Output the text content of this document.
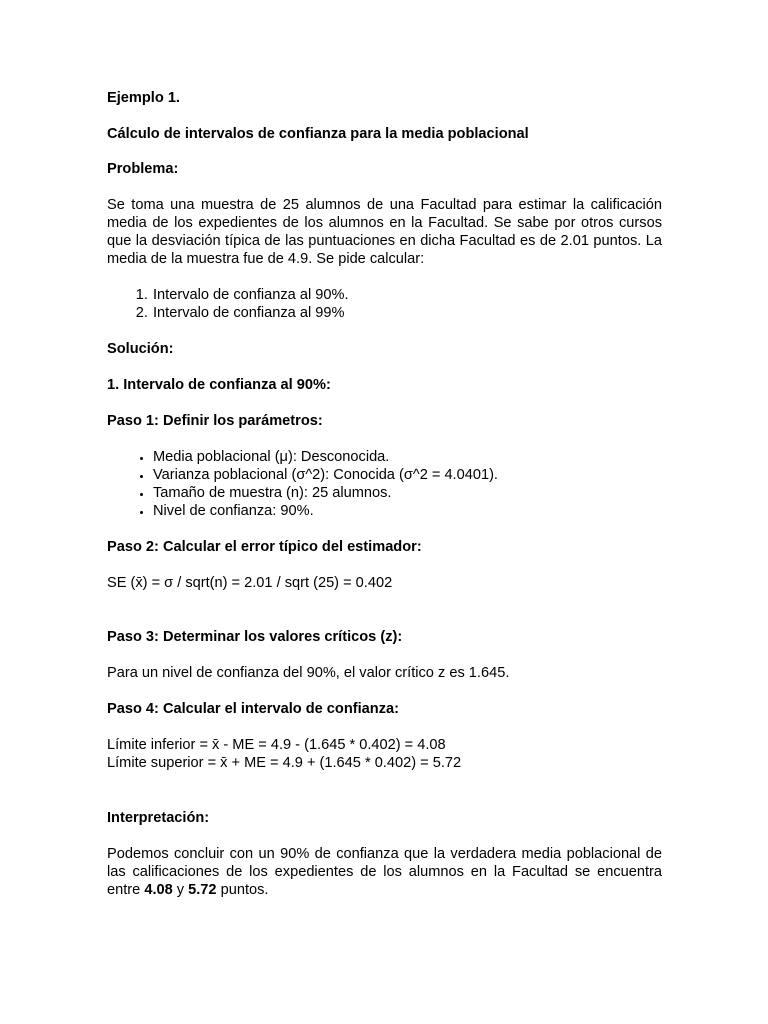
Ejemplo 1.

Cálculo de intervalos de confianza para la media poblacional

Problema:

Se toma una muestra de 25 alumnos de una Facultad para estimar la calificación media de los expedientes de los alumnos en la Facultad. Se sabe por otros cursos que la desviación típica de las puntuaciones en dicha Facultad es de 2.01 puntos. La media de la muestra fue de 4.9. Se pide calcular:

1. Intervalo de confianza al 90%.
2. Intervalo de confianza al 99%

Solución:

1. Intervalo de confianza al 90%:

Paso 1: Definir los parámetros:

• Media poblacional (μ): Desconocida.
• Varianza poblacional (σ^2): Conocida (σ^2 = 4.0401).
• Tamaño de muestra (n): 25 alumnos.
• Nivel de confianza: 90%.

Paso 2: Calcular el error típico del estimador:

SE (x̄) = σ / sqrt(n) = 2.01 / sqrt (25) = 0.402

Paso 3: Determinar los valores críticos (z):

Para un nivel de confianza del 90%, el valor crítico z es 1.645.

Paso 4: Calcular el intervalo de confianza:

Límite inferior = x̄ - ME = 4.9 - (1.645 * 0.402) = 4.08

Límite superior = x̄ + ME = 4.9 + (1.645 * 0.402) = 5.72

Interpretación:

Podemos concluir con un 90% de confianza que la verdadera media poblacional de las calificaciones de los expedientes de los alumnos en la Facultad se encuentra entre 4.08 y 5.72 puntos.
